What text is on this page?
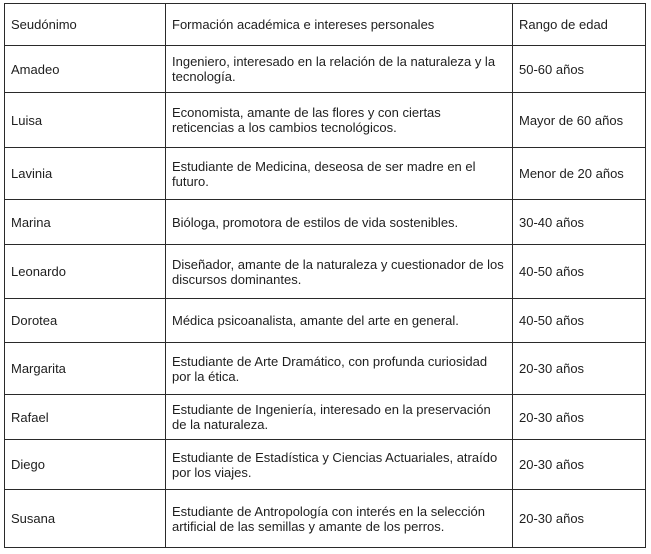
Seudónimo	Formación académica e intereses personales	Rango de edad
Amadeo	Ingeniero, interesado en la relación de la naturaleza y la tecnología.	50-60 años
Luisa	Economista, amante de las flores y con ciertas reticencias a los cambios tecnológicos.	Mayor de 60 años
Lavinia	Estudiante de Medicina, deseosa de ser madre en el futuro.	Menor de 20 años
Marina	Bióloga, promotora de estilos de vida sostenibles.	30-40 años
Leonardo	Diseñador, amante de la naturaleza y cuestionador de los discursos dominantes.	40-50 años
Dorotea	Médica psicoanalista, amante del arte en general.	40-50 años
Margarita	Estudiante de Arte Dramático, con profunda curiosidad por la ética.	20-30 años
Rafael	Estudiante de Ingeniería, interesado en la preservación de la naturaleza.	20-30 años
Diego	Estudiante de Estadística y Ciencias Actuariales, atraído por los viajes.	20-30 años
Susana	Estudiante de Antropología con interés en la selección artificial de las semillas y amante de los perros.	20-30 años
